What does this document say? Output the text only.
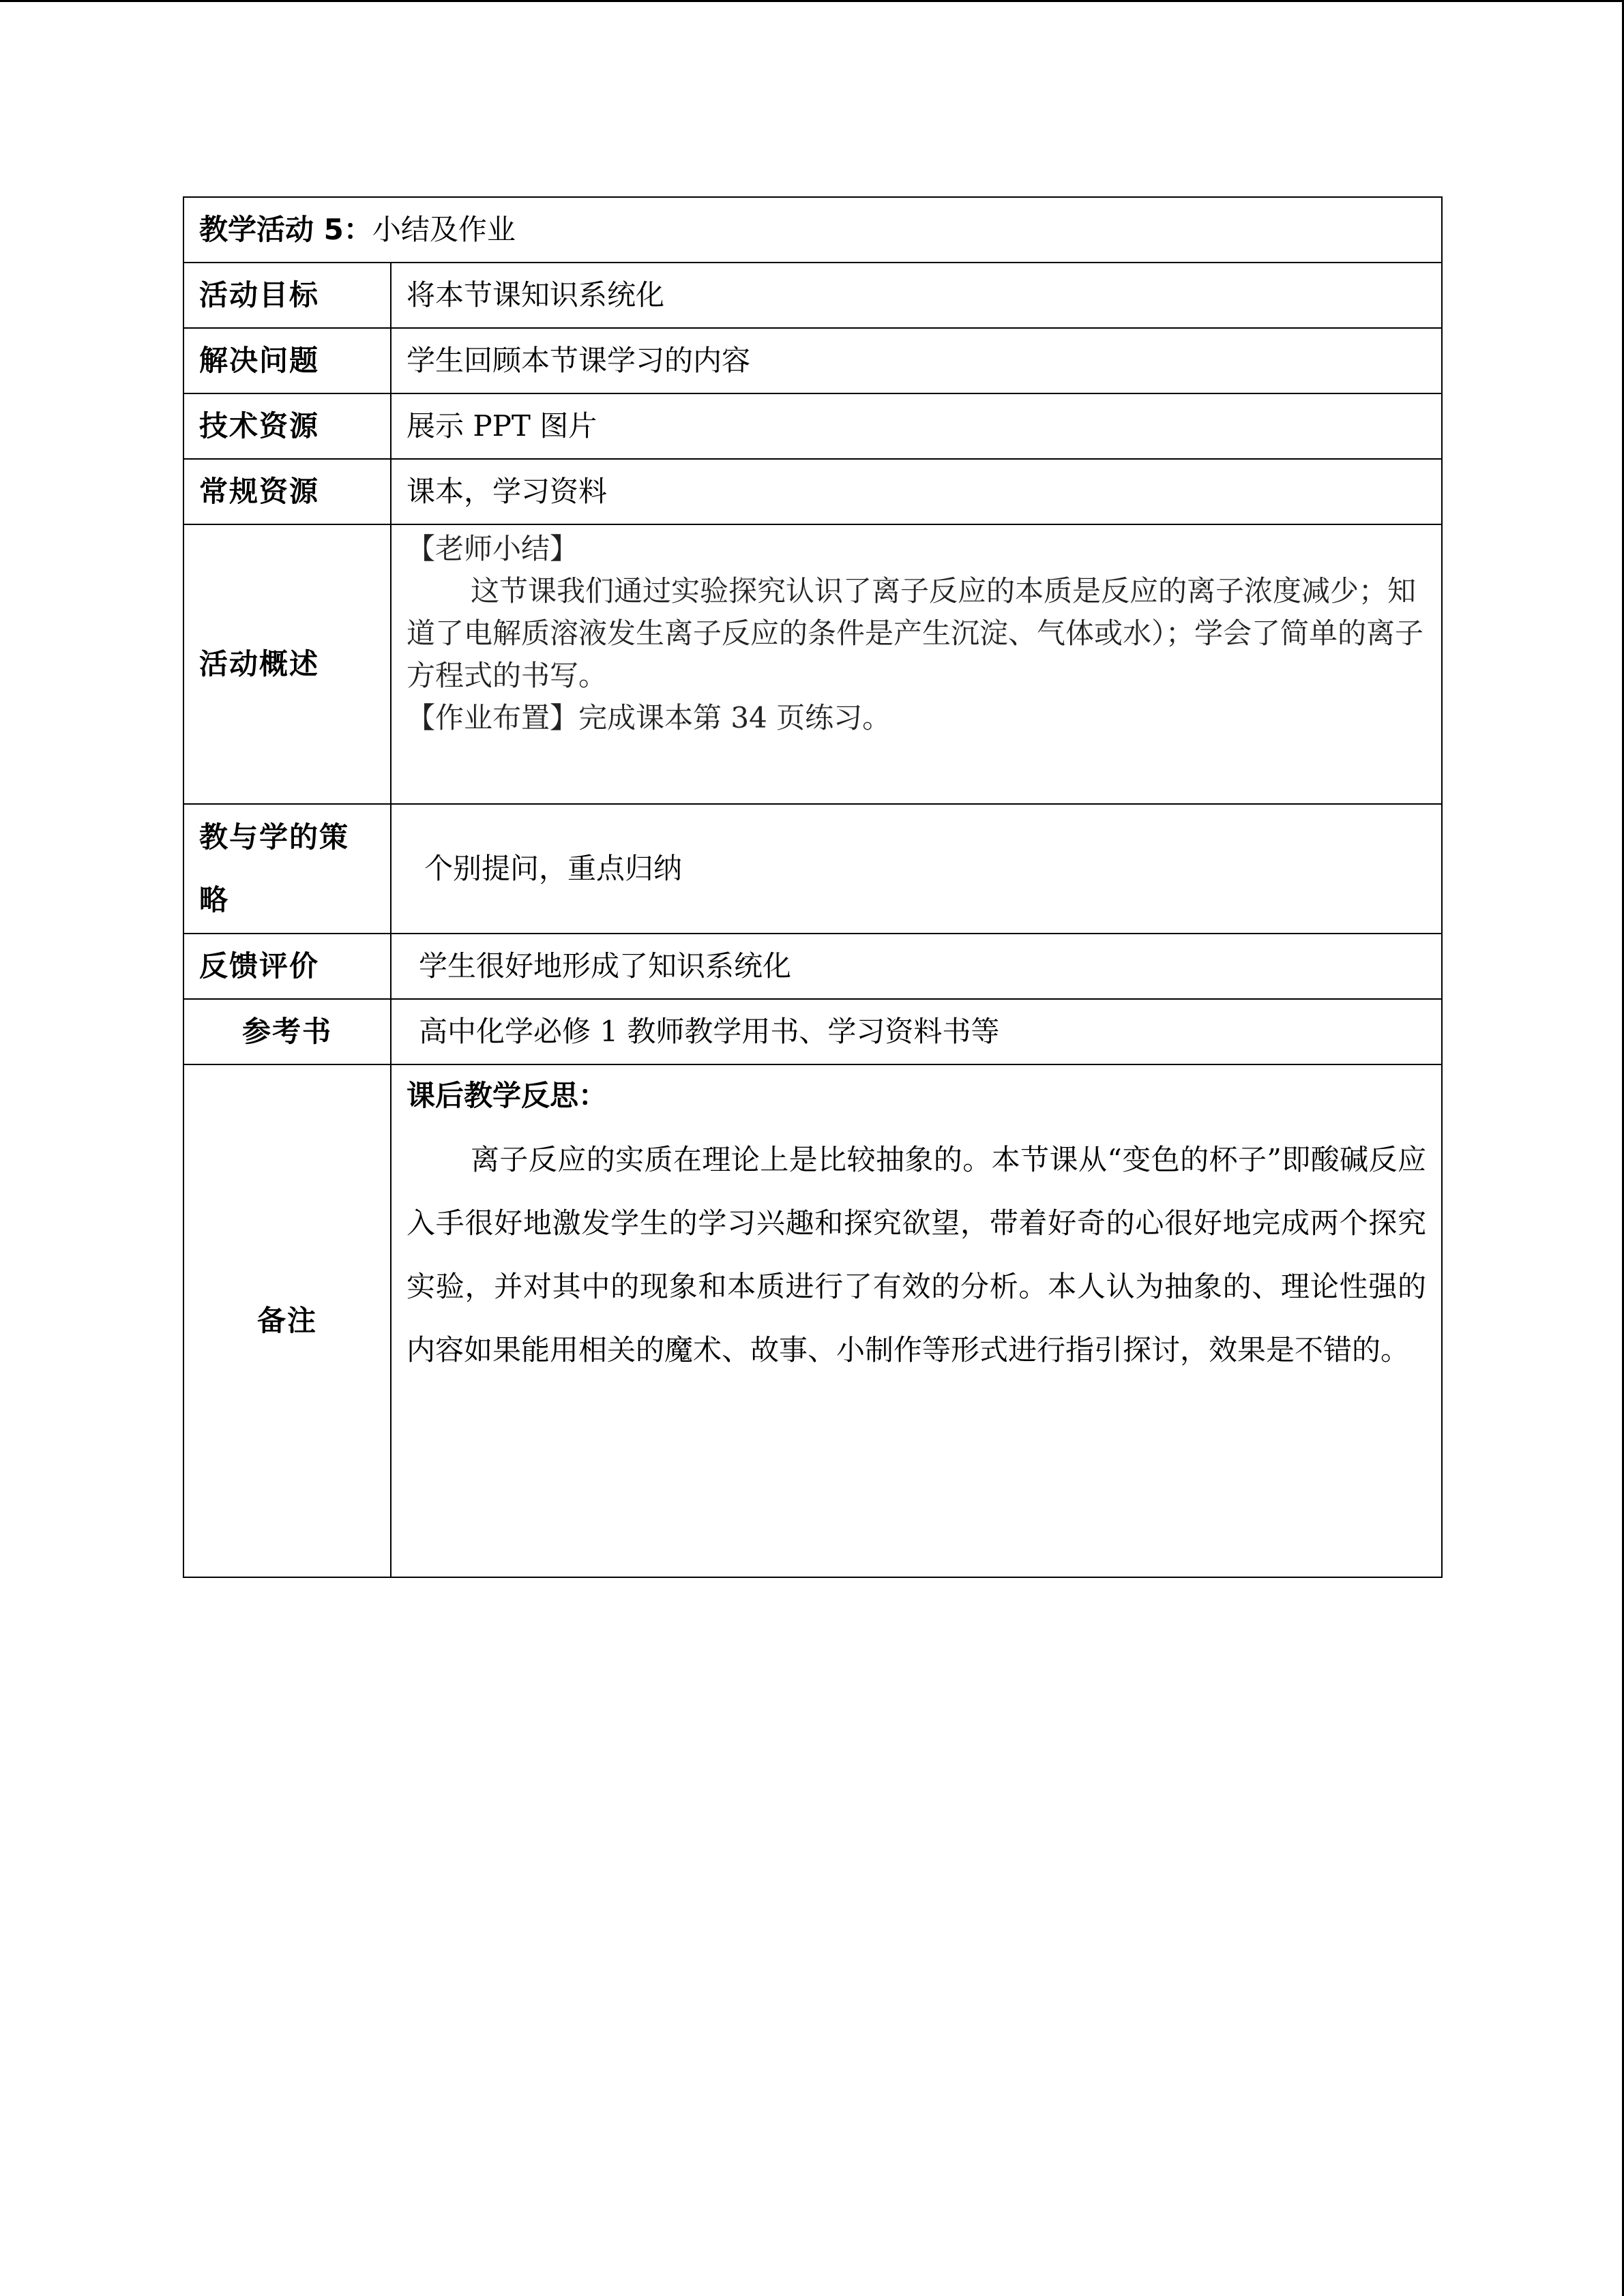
教学活动 5：小结及作业	
活动目标	将本节课知识系统化
解决问题	学生回顾本节课学习的内容
技术资源	展示 PPT 图片
常规资源	课本，学习资料
活动概述	【老师小结】

这节课我们通过实验探究认识了离子反应的本质是反应的离子浓度减少；知道了电解质溶液发生离子反应的条件是产生沉淀、气体或水）；学会了简单的离子方程式的书写。

【作业布置】完成课本第 34 页练习。

教与学的策略	个别提问，重点归纳
反馈评价	学生很好地形成了知识系统化
参考书	高中化学必修 1 教师教学用书、学习资料书等
备注	课后教学反思：

离子反应的实质在理论上是比较抽象的。本节课从“变色的杯子”即酸碱反应入手很好地激发学生的学习兴趣和探究欲望，带着好奇的心很好地完成两个探究实验，并对其中的现象和本质进行了有效的分析。本人认为抽象的、理论性强的内容如果能用相关的魔术、故事、小制作等形式进行指引探讨，效果是不错的。
